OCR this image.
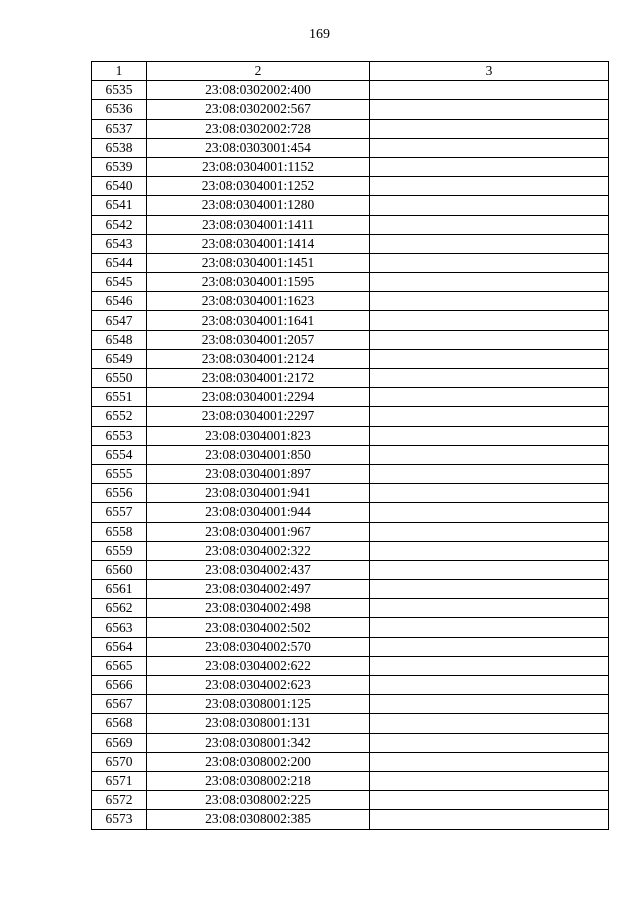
169
1	2	3
6535	23:08:0302002:400	
6536	23:08:0302002:567	
6537	23:08:0302002:728	
6538	23:08:0303001:454	
6539	23:08:0304001:1152	
6540	23:08:0304001:1252	
6541	23:08:0304001:1280	
6542	23:08:0304001:1411	
6543	23:08:0304001:1414	
6544	23:08:0304001:1451	
6545	23:08:0304001:1595	
6546	23:08:0304001:1623	
6547	23:08:0304001:1641	
6548	23:08:0304001:2057	
6549	23:08:0304001:2124	
6550	23:08:0304001:2172	
6551	23:08:0304001:2294	
6552	23:08:0304001:2297	
6553	23:08:0304001:823	
6554	23:08:0304001:850	
6555	23:08:0304001:897	
6556	23:08:0304001:941	
6557	23:08:0304001:944	
6558	23:08:0304001:967	
6559	23:08:0304002:322	
6560	23:08:0304002:437	
6561	23:08:0304002:497	
6562	23:08:0304002:498	
6563	23:08:0304002:502	
6564	23:08:0304002:570	
6565	23:08:0304002:622	
6566	23:08:0304002:623	
6567	23:08:0308001:125	
6568	23:08:0308001:131	
6569	23:08:0308001:342	
6570	23:08:0308002:200	
6571	23:08:0308002:218	
6572	23:08:0308002:225	
6573	23:08:0308002:385	
